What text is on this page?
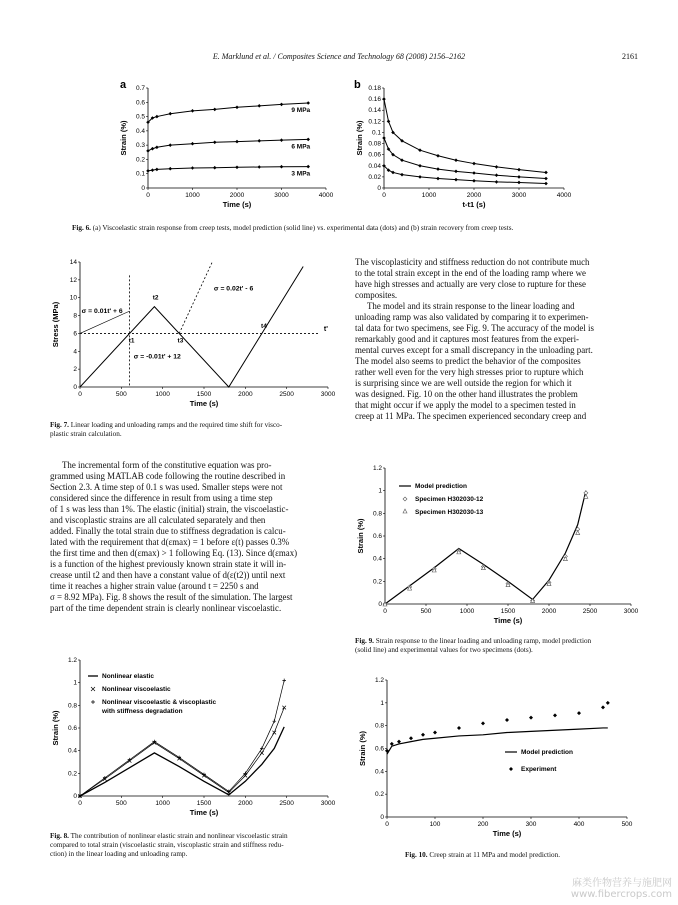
E. Marklund et al. / Composites Science and Technology 68 (2008) 2156–2162	2161
a
0	1000	2000	3000	4000
0
0.1
0.2
0.3
0.4
0.5
0.6
0.7
Time (s)
Strain (%)
9 MPa
6 MPa
3 MPa
b
0	1000	2000	3000	4000
0
0.02
0.04
0.06
0.08
0.1
0.12
0.14
0.16
0.18
t-t1 (s)
Strain (%)
Fig. 6. (a) Viscoelastic strain response from creep tests, model prediction (solid line) vs. experimental data (dots) and (b) strain recovery from creep tests.
0	500	1000	1500	2000	2500	3000
0
2
4
6
8
10
12
14
Time (s)
Stress (MPa)	σ = 0.01t' + 6
σ = 0.02t' - 6
σ = -0.01t' + 12
t1
t2
t3
t4	t'
Fig. 7. Linear loading and unloading ramps and the required time shift for visco-
plastic strain calculation.

The viscoplasticity and stiffness reduction do not contribute much

to the total strain except in the end of the loading ramp where we

have high stresses and actually are very close to rupture for these

composites.

The model and its strain response to the linear loading and

unloading ramp was also validated by comparing it to experimen-

tal data for two specimens, see Fig. 9. The accuracy of the model is

remarkably good and it captures most features from the experi-

mental curves except for a small discrepancy in the unloading part.

The model also seems to predict the behavior of the composites

rather well even for the very high stresses prior to rupture which

is surprising since we are well outside the region for which it

was designed. Fig. 10 on the other hand illustrates the problem

that might occur if we apply the model to a specimen tested in

creep at 11 MPa. The specimen experienced secondary creep and

The incremental form of the constitutive equation was pro-

grammed using MATLAB code following the routine described in

Section 2.3. A time step of 0.1 s was used. Smaller steps were not

considered since the difference in result from using a time step

of 1 s was less than 1%. The elastic (initial) strain, the viscoelastic-

and viscoplastic strains are all calculated separately and then

added. Finally the total strain due to stiffness degradation is calcu-

lated with the requirement that d(εmax) = 1 before ε(t) passes 0.3%

the first time and then d(εmax) > 1 following Eq. (13). Since d(εmax)

is a function of the highest previously known strain state it will in-

crease until t2 and then have a constant value of d(ε(t2)) until next

time it reaches a higher strain value (around t = 2250 s and

σ = 8.92 MPa). Fig. 8 shows the result of the simulation. The largest

part of the time dependent strain is clearly nonlinear viscoelastic.	0	500	1000	1500	2000	2500	3000
0
0.2
0.4
0.6
0.8
1
1.2
Time (s)
Strain (%)
Model prediction
Specimen H302030-12
Specimen H302030-13
Fig. 9. Strain response to the linear loading and unloading ramp, model prediction
(solid line) and experimental values for two specimens (dots).
0	500	1000	1500	2000	2500	3000
0
0.2
0.4
0.6
0.8
1
1.2
Time (s)
Strain (%)
Nonlinear elastic
Nonlinear viscoelastic
Nonlinear viscoelastic & viscoplastic
with stiffness degradation
Fig. 8. The contribution of nonlinear elastic strain and nonlinear viscoelastic strain
compared to total strain (viscoelastic strain, viscoplastic strain and stiffness redu-
ction) in the linear loading and unloading ramp.
0	100	200	300	400	500
0
0.2
0.4
0.6
0.8
1
1.2
Time (s)
Strain (%)	Model prediction
Experiment
Fig. 10. Creep strain at 11 MPa and model prediction.
麻类作物营养与施肥网
www.fibercrops.com
